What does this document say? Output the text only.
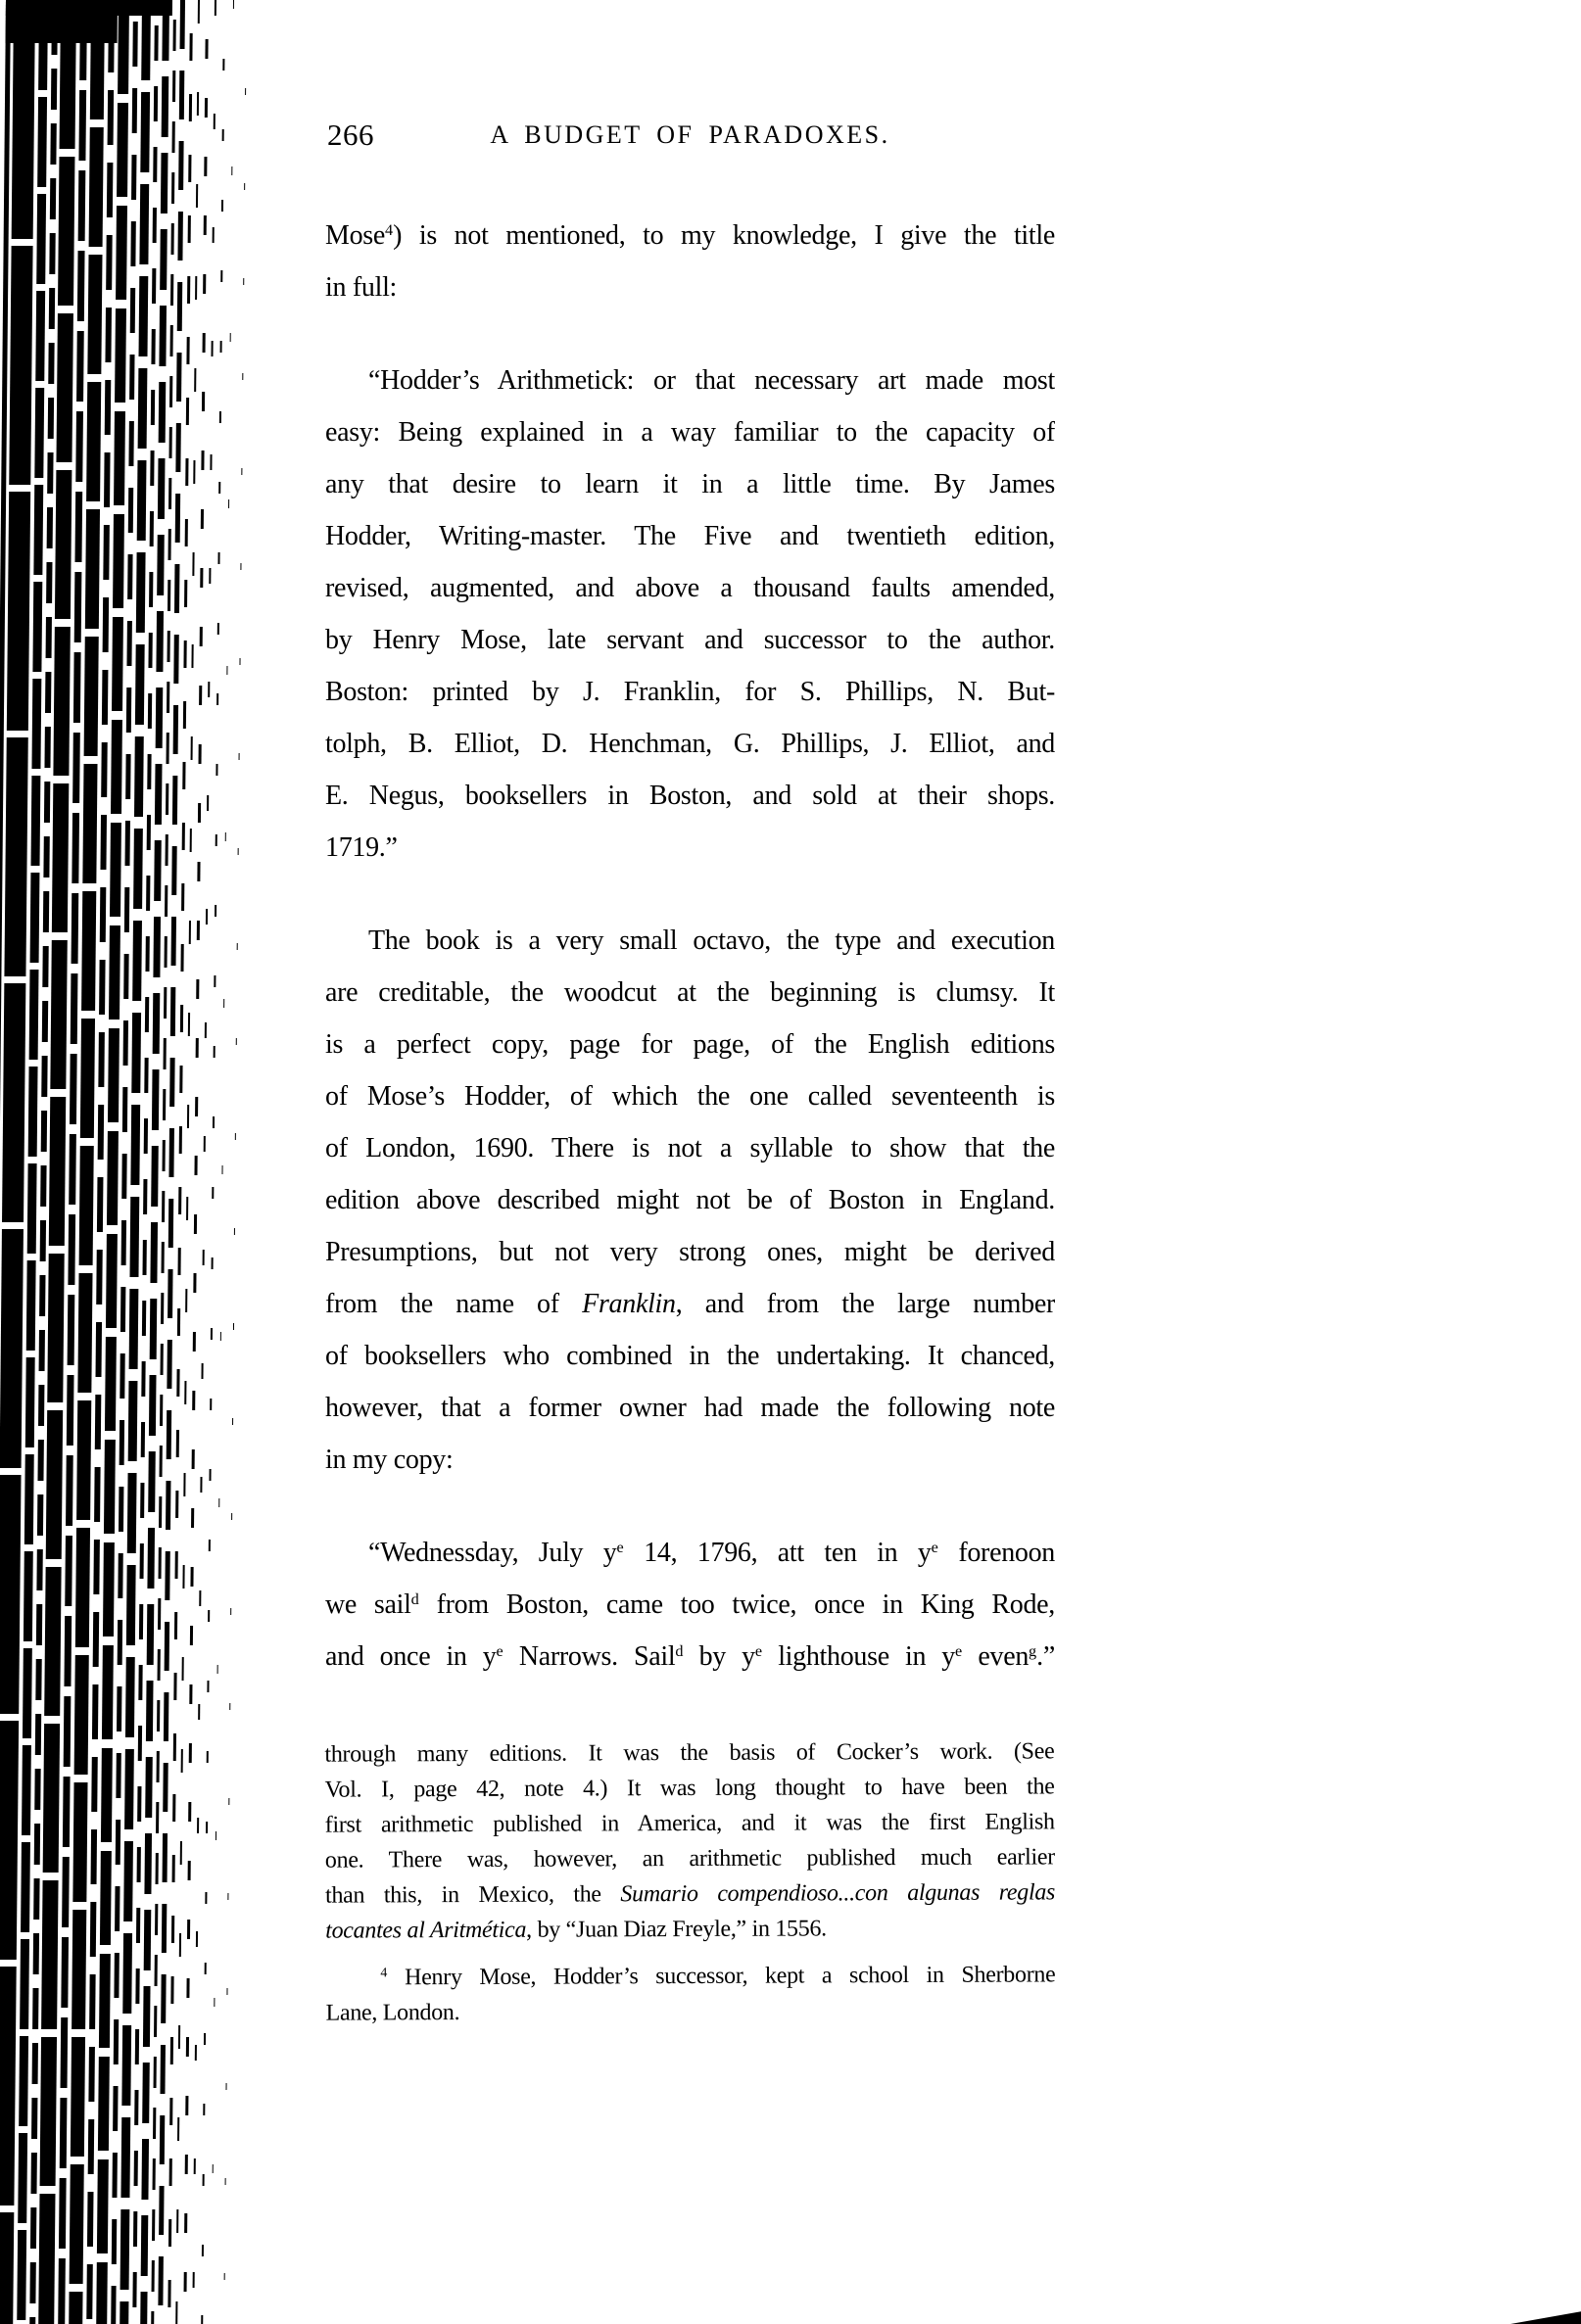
266	A BUDGET OF PARADOXES.
Mose$^4$) is not mentioned, to my knowledge, I give the title
in full:
“Hodder’s Arithmetick: or that necessary art made most
easy: Being explained in a way familiar to the capacity of
any that desire to learn it in a little time. By James
Hodder, Writing-master. The Five and twentieth edition,
revised, augmented, and above a thousand faults amended,
by Henry Mose, late servant and successor to the author.
Boston: printed by J. Franklin, for S. Phillips, N. But-
tolph, B. Elliot, D. Henchman, G. Phillips, J. Elliot, and
E. Negus, booksellers in Boston, and sold at their shops.
1719.”
The book is a very small octavo, the type and execution
are creditable, the woodcut at the beginning is clumsy. It
is a perfect copy, page for page, of the English editions
of Mose’s Hodder, of which the one called seventeenth is
of London, 1690. There is not a syllable to show that the
edition above described might not be of Boston in England.
Presumptions, but not very strong ones, might be derived
from the name of Franklin, and from the large number
of booksellers who combined in the undertaking. It chanced,
however, that a former owner had made the following note
in my copy:
“Wednessday, July $y^e$ 14, 1796, att ten in $y^e$ forenoon
we sail$^d$ from Boston, came too twice, once in King Rode,
and once in $y^e$ Narrows. Sail$^d$ by $y^e$ lighthouse in $y^e$ even$^g$.”
through many editions. It was the basis of Cocker’s work. (See
Vol. I, page 42, note 4.) It was long thought to have been the
first arithmetic published in America, and it was the first English
one. There was, however, an arithmetic published much earlier
than this, in Mexico, the Sumario compendioso...con algunas reglas
tocantes al Aritmética, by “Juan Diaz Freyle,” in 1556.
$^4$ Henry Mose, Hodder’s successor, kept a school in Sherborne
Lane, London.
